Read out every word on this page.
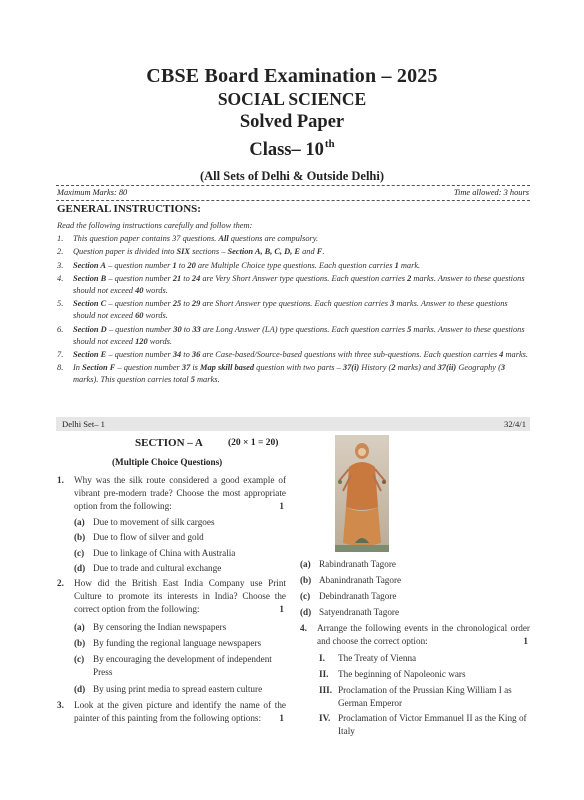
CBSE Board Examination – 2025
SOCIAL SCIENCE
Solved Paper
Class– 10th
(All Sets of Delhi & Outside Delhi)
Maximum Marks: 80	Time allowed: 3 hours
GENERAL INSTRUCTIONS:
Read the following instructions carefully and follow them:
1. This question paper contains 37 questions. All questions are compulsory.
2. Question paper is divided into SIX sections – Section A, B, C, D, E and F.
3. Section A – question number 1 to 20 are Multiple Choice type questions. Each question carries 1 mark.
4. Section B – question number 21 to 24 are Very Short Answer type questions. Each question carries 2 marks. Answer to these questions should not exceed 40 words.
5. Section C – question number 25 to 29 are Short Answer type questions. Each question carries 3 marks. Answer to these questions should not exceed 60 words.
6. Section D – question number 30 to 33 are Long Answer (LA) type questions. Each question carries 5 marks. Answer to these questions should not exceed 120 words.
7. Section E – question number 34 to 36 are Case-based/Source-based questions with three sub-questions. Each question carries 4 marks.
8. In Section F – question number 37 is Map skill based question with two parts – 37(i) History (2 marks) and 37(ii) Geography (3 marks). This question carries total 5 marks.
Delhi Set– 1	32/4/1
SECTION – A	(20 × 1 = 20)
(Multiple Choice Questions)
1. Why was the silk route considered a good example of vibrant pre-modern trade? Choose the most appropriate option from the following:	1
(a) Due to movement of silk cargoes
(b) Due to flow of silver and gold
(c) Due to linkage of China with Australia
(d) Due to trade and cultural exchange
2. How did the British East India Company use Print Culture to promote its interests in India? Choose the correct option from the following:	1
(a) By censoring the Indian newspapers
(b) By funding the regional language newspapers
(c) By encouraging the development of independent Press
(d) By using print media to spread eastern culture
3. Look at the given picture and identify the name of the painter of this painting from the following options: 1
(a) Rabindranath Tagore
(b) Abanindranath Tagore
(c) Debindranath Tagore
(d) Satyendranath Tagore
4. Arrange the following events in the chronological order and choose the correct option:	1
I. The Treaty of Vienna
II. The beginning of Napoleonic wars
III. Proclamation of the Prussian King William I as German Emperor
IV. Proclamation of Victor Emmanuel II as the King of Italy
